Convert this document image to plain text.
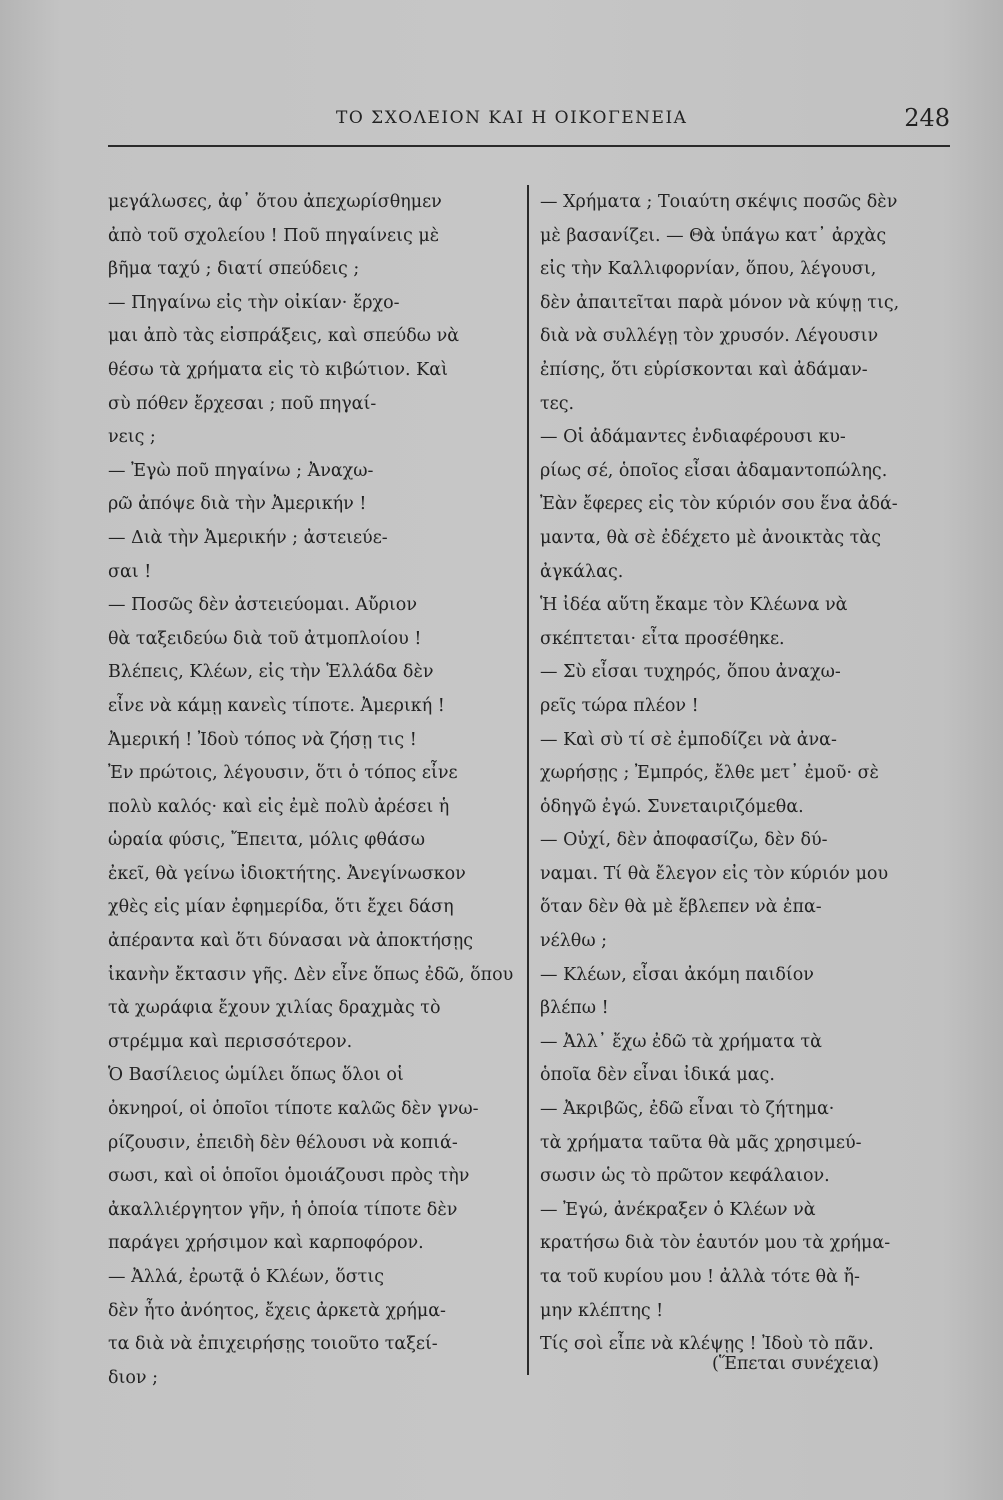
ΤΟ ΣΧΟΛΕΙΟΝ ΚΑΙ Η ΟΙΚΟΓΕΝΕΙΑ	248
μεγάλωσες, ἀφ᾽ ὅτου ἀπεχωρίσθημεν
ἀπὸ τοῦ σχολείου ! Ποῦ πηγαίνεις μὲ
βῆμα ταχύ ; διατί σπεύδεις ;
— Πηγαίνω εἰς τὴν οἰκίαν· ἔρχο-
μαι ἀπὸ τὰς εἰσπράξεις, καὶ σπεύδω νὰ
θέσω τὰ χρήματα εἰς τὸ κιβώτιον. Καὶ
σὺ πόθεν ἔρχεσαι ; ποῦ πηγαί-
νεις ;
— Ἐγὼ ποῦ πηγαίνω ; Ἀναχω-
ρῶ ἀπόψε διὰ τὴν Ἀμερικήν !
— Διὰ τὴν Ἀμερικήν ; ἀστειεύε-
σαι !
— Ποσῶς δὲν ἀστειεύομαι. Αὔριον
θὰ ταξειδεύω διὰ τοῦ ἀτμοπλοίου !
Βλέπεις, Κλέων, εἰς τὴν Ἑλλάδα δὲν
εἶνε νὰ κάμῃ κανεὶς τίποτε. Ἀμερική !
Ἀμερική ! Ἰδοὺ τόπος νὰ ζήσῃ τις !
Ἐν πρώτοις, λέγουσιν, ὅτι ὁ τόπος εἶνε
πολὺ καλός· καὶ εἰς ἐμὲ πολὺ ἀρέσει ἡ
ὡραία φύσις, Ἔπειτα, μόλις φθάσω
ἐκεῖ, θὰ γείνω ἰδιοκτήτης. Ἀνεγίνωσκον
χθὲς εἰς μίαν ἐφημερίδα, ὅτι ἔχει δάση
ἀπέραντα καὶ ὅτι δύνασαι νὰ ἀποκτήσῃς
ἱκανὴν ἔκτασιν γῆς. Δὲν εἶνε ὅπως ἐδῶ, ὅπου
τὰ χωράφια ἔχουν χιλίας δραχμὰς τὸ
στρέμμα καὶ περισσότερον.
Ὁ Βασίλειος ὡμίλει ὅπως ὅλοι οἱ
ὀκνηροί, οἱ ὁποῖοι τίποτε καλῶς δὲν γνω-
ρίζουσιν, ἐπειδὴ δὲν θέλουσι νὰ κοπιά-
σωσι, καὶ οἱ ὁποῖοι ὁμοιάζουσι πρὸς τὴν
ἀκαλλιέργητον γῆν, ἡ ὁποία τίποτε δὲν
παράγει χρήσιμον καὶ καρποφόρον.
— Ἀλλά, ἐρωτᾷ ὁ Κλέων, ὅστις
δὲν ἦτο ἀνόητος, ἔχεις ἀρκετὰ χρήμα-
τα διὰ νὰ ἐπιχειρήσῃς τοιοῦτο ταξεί-
διον ;
— Χρήματα ; Τοιαύτη σκέψις ποσῶς δὲν
μὲ βασανίζει. — Θὰ ὑπάγω κατ᾽ ἀρχὰς
εἰς τὴν Καλλιφορνίαν, ὅπου, λέγουσι,
δὲν ἀπαιτεῖται παρὰ μόνον νὰ κύψῃ τις,
διὰ νὰ συλλέγῃ τὸν χρυσόν. Λέγουσιν
ἐπίσης, ὅτι εὑρίσκονται καὶ ἀδάμαν-
τες.
— Οἱ ἀδάμαντες ἐνδιαφέρουσι κυ-
ρίως σέ, ὁποῖος εἶσαι ἀδαμαντοπώλης.
Ἐὰν ἔφερες εἰς τὸν κύριόν σου ἕνα ἀδά-
μαντα, θὰ σὲ ἐδέχετο μὲ ἀνοικτὰς τὰς
ἀγκάλας.
Ἡ ἰδέα αὕτη ἔκαμε τὸν Κλέωνα νὰ
σκέπτεται· εἶτα προσέθηκε.
— Σὺ εἶσαι τυχηρός, ὅπου ἀναχω-
ρεῖς τώρα πλέον !
— Καὶ σὺ τί σὲ ἐμποδίζει νὰ ἀνα-
χωρήσῃς ; Ἐμπρός, ἔλθε μετ᾽ ἐμοῦ· σὲ
ὁδηγῶ ἐγώ. Συνεταιριζόμεθα.
— Οὐχί, δὲν ἀποφασίζω, δὲν δύ-
ναμαι. Τί θὰ ἔλεγον εἰς τὸν κύριόν μου
ὅταν δὲν θὰ μὲ ἔβλεπεν νὰ ἐπα-
νέλθω ;
— Κλέων, εἶσαι ἀκόμη παιδίον
βλέπω !
— Ἀλλ᾽ ἔχω ἐδῶ τὰ χρήματα τὰ
ὁποῖα δὲν εἶναι ἰδικά μας.
— Ἀκριβῶς, ἐδῶ εἶναι τὸ ζήτημα·
τὰ χρήματα ταῦτα θὰ μᾶς χρησιμεύ-
σωσιν ὡς τὸ πρῶτον κεφάλαιον.
— Ἐγώ, ἀνέκραξεν ὁ Κλέων νὰ
κρατήσω διὰ τὸν ἑαυτόν μου τὰ χρήμα-
τα τοῦ κυρίου μου ! ἀλλὰ τότε θὰ ἤ-
μην κλέπτης !
Τίς σοὶ εἶπε νὰ κλέψῃς ! Ἰδοὺ τὸ πᾶν.
(Ἕπεται συνέχεια)
